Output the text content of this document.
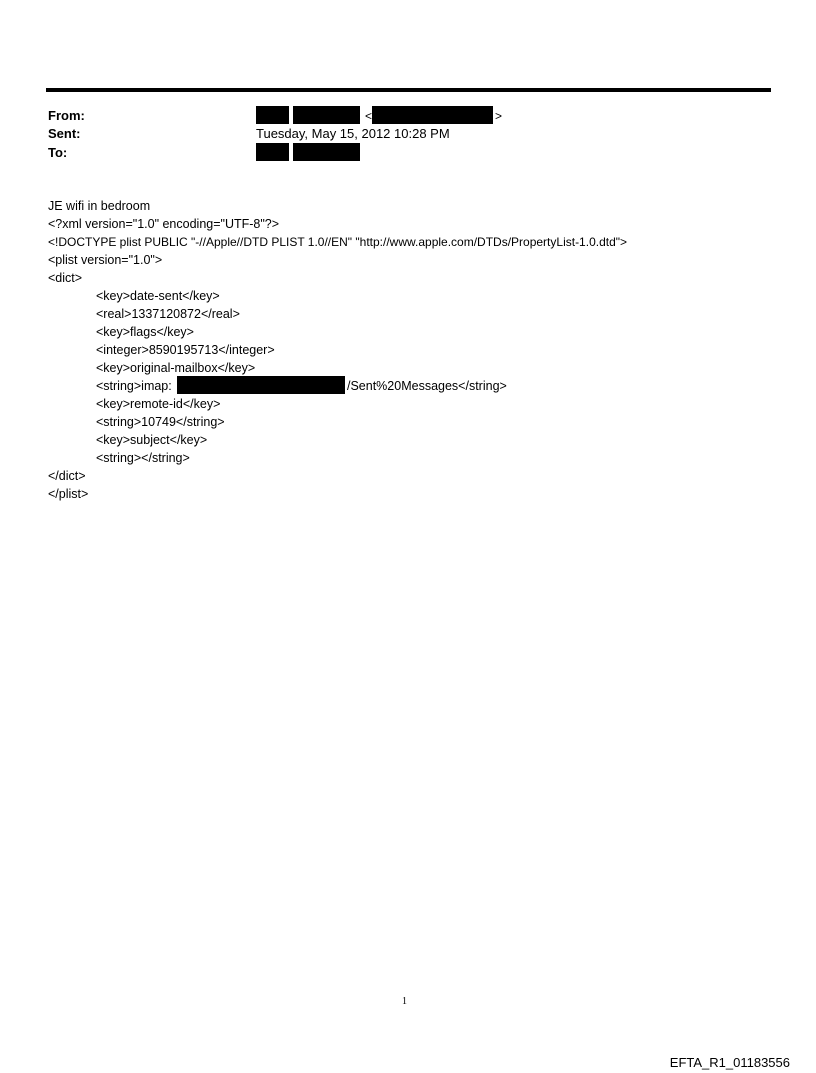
From:
Sent:
To:
<	>
Tuesday, May 15, 2012 10:28 PM
JE wifi in bedroom
<?xml version="1.0" encoding="UTF-8"?>
<!DOCTYPE plist PUBLIC "-//Apple//DTD PLIST 1.0//EN" "http://www.apple.com/DTDs/PropertyList-1.0.dtd">
<plist version="1.0">
<dict>
<key>date-sent</key>
<real>1337120872</real>
<key>flags</key>
<integer>8590195713</integer>
<key>original-mailbox</key>
<string>imap:	/Sent%20Messages</string>
<key>remote-id</key>
<string>10749</string>
<key>subject</key>
<string></string>
</dict>
</plist>
1
EFTA_R1_01183556
